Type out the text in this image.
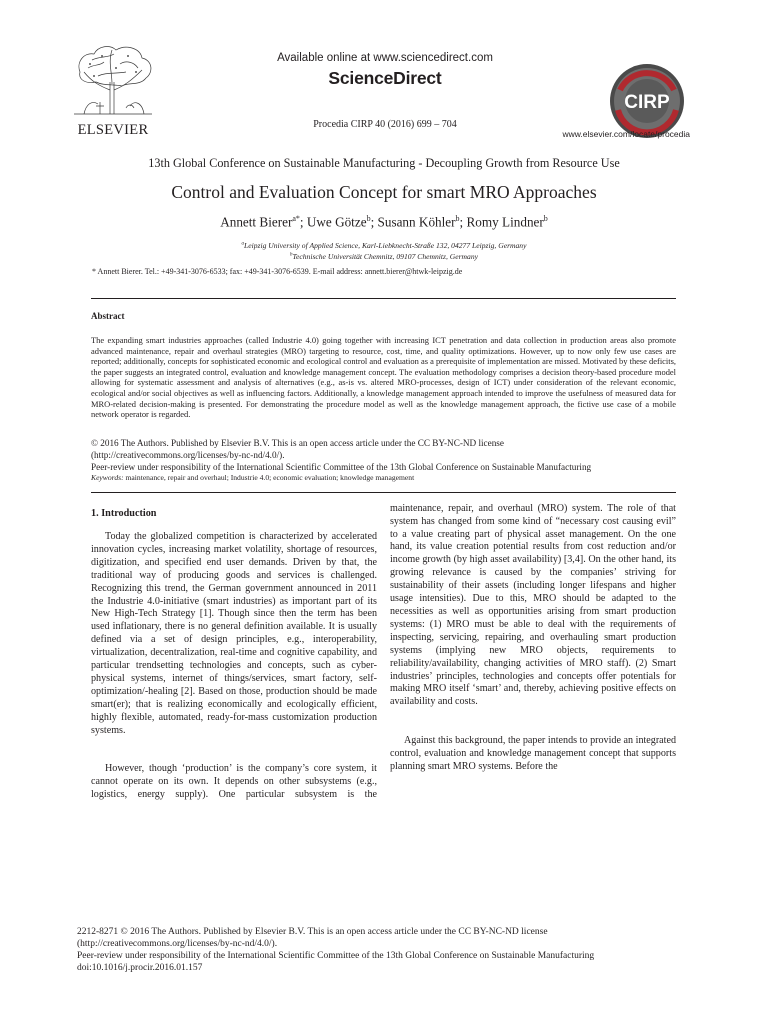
ELSEVIER
Available online at www.sciencedirect.com
ScienceDirect
Procedia CIRP 40 (2016) 699 – 704
CIRP
www.elsevier.com/locate/procedia
13th Global Conference on Sustainable Manufacturing - Decoupling Growth from Resource Use
Control and Evaluation Concept for smart MRO Approaches
Annett Bierer$^{a*}$; Uwe Götze$^b$; Susann Köhler$^b$; Romy Lindner$^b$
$^a$Leipzig University of Applied Science, Karl-Liebknecht-Straße 132, 04277 Leipzig, Germany
$^b$Technische Universität Chemnitz, 09107 Chemnitz, Germany
* Annett Bierer. Tel.: +49-341-3076-6533; fax: +49-341-3076-6539. E-mail address: annett.bierer@htwk-leipzig.de
Abstract

The expanding smart industries approaches (called Industrie 4.0) going together with increasing ICT penetration and data collection in production areas also promote advanced maintenance, repair and overhaul strategies (MRO) targeting to resource, cost, time, and quality optimizations. However, up to now only few use cases are reported; additionally, concepts for sophisticated economic and ecological control and evaluation as a prerequisite of implementation are missed. Motivated by these deficits, the paper suggests an integrated control, evaluation and knowledge management concept. The evaluation methodology comprises a decision theory-based procedure model allowing for systematic assessment and analysis of alternatives (e.g., as-is vs. altered MRO-processes, design of ICT) under consideration of the relevant economic, ecological and/or social objectives as well as influencing factors. Additionally, a knowledge management approach intended to improve the usefulness of measured data for MRO-related decision-making is presented. For demonstrating the procedure model as well as the knowledge management approach, the fictive use case of a mobile network operator is regarded.

© 2016 The Authors. Published by Elsevier B.V. This is an open access article under the CC BY-NC-ND license
(http://creativecommons.org/licenses/by-nc-nd/4.0/).
Peer-review under responsibility of the International Scientific Committee of the 13th Global Conference on Sustainable Manufacturing
Keywords: maintenance, repair and overhaul; Industrie 4.0; economic evaluation; knowledge management
1. Introduction

Today the globalized competition is characterized by accelerated innovation cycles, increasing market volatility, shortage of resources, digitization, and specified end user demands. Driven by that, the traditional way of producing goods and services is challenged. Recognizing this trend, the German government announced in 2011 the Industrie 4.0-initiative (smart industries) as important part of its New High-Tech Strategy [1]. Though since then the term has been used inflationary, there is no general definition available. It is usually defined via a set of design principles, e.g., interoperability, virtualization, decentralization, real-time and cognitive capability, and particular trendsetting technologies and concepts, such as cyber-physical systems, internet of things/services, smart factory, self-optimization/-healing [2]. Based on those, production should be made smart(er); that is realizing economically and ecologically efficient, highly flexible, automated, ready-for-mass customization production systems.

However, though ‘production’ is the company’s core system, it cannot operate on its own. It depends on other subsystems (e.g., logistics, energy supply). One particular subsystem is the

maintenance, repair, and overhaul (MRO) system. The role of that system has changed from some kind of “necessary cost causing evil” to a value creating part of physical asset management. On the one hand, its value creation potential results from cost reduction and/or income growth (by high asset availability) [3,4]. On the other hand, its growing relevance is caused by the companies’ striving for sustainability of their assets (including longer lifespans and higher usage intensities). Due to this, MRO should be adapted to the necessities as well as opportunities arising from smart production systems: (1) MRO must be able to deal with the requirements of inspecting, servicing, repairing, and overhauling smart production systems (implying new MRO objects, requirements to reliability/availability, changing activities of MRO staff). (2) Smart industries’ principles, technologies and concepts offer potentials for making MRO itself ‘smart’ and, thereby, achieving positive effects on availability and costs.

Against this background, the paper intends to provide an integrated control, evaluation and knowledge management concept that supports planning smart MRO systems. Before the

2212-8271 © 2016 The Authors. Published by Elsevier B.V. This is an open access article under the CC BY-NC-ND license
(http://creativecommons.org/licenses/by-nc-nd/4.0/).
Peer-review under responsibility of the International Scientific Committee of the 13th Global Conference on Sustainable Manufacturing
doi:10.1016/j.procir.2016.01.157
